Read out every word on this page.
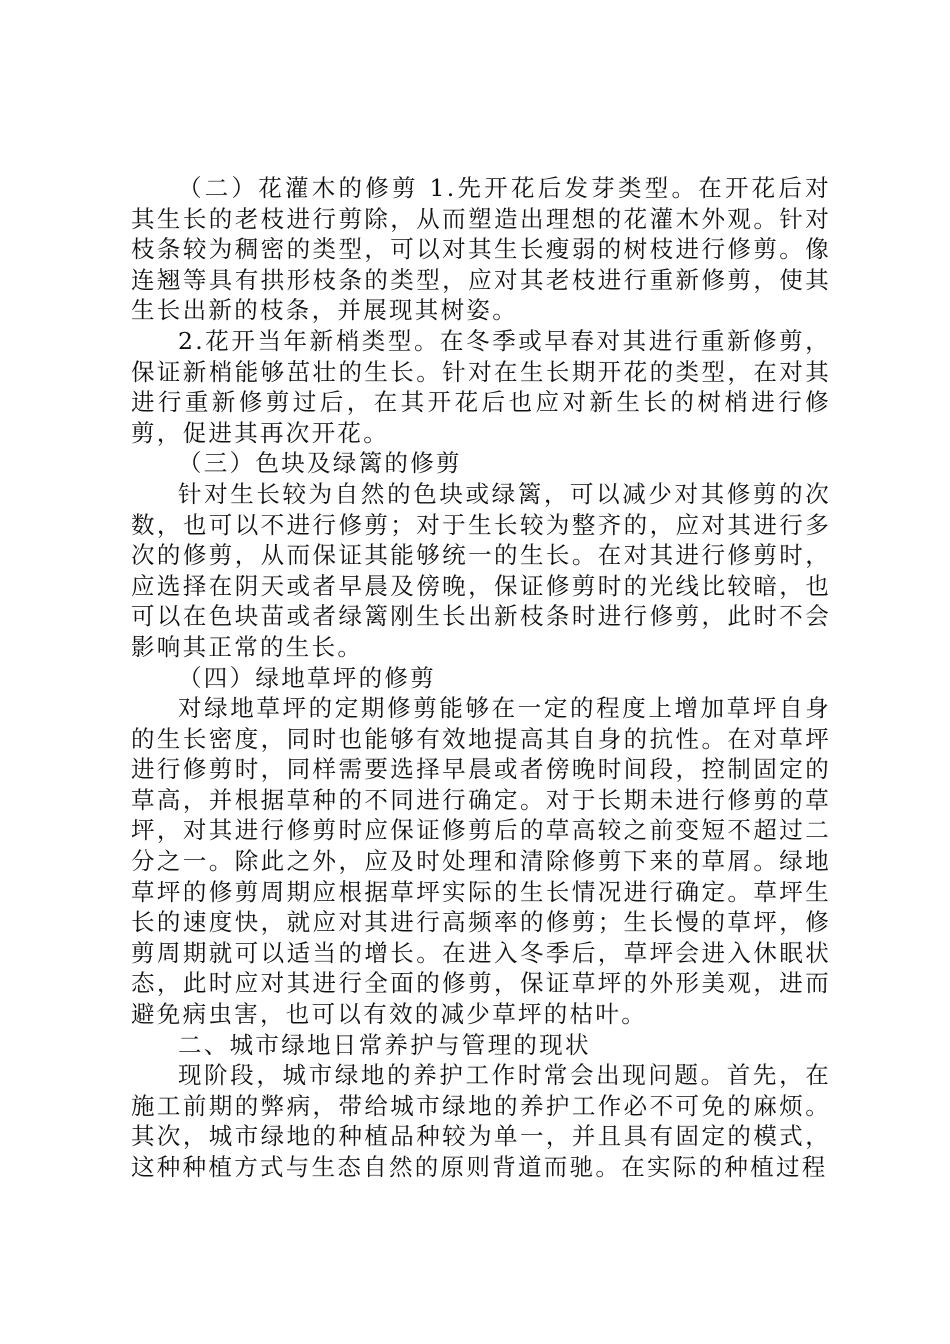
（二）花灌木的修剪 1.先开花后发芽类型。在开花后对其生长的老枝进行剪除，从而塑造出理想的花灌木外观。针对枝条较为稠密的类型，可以对其生长瘦弱的树枝进行修剪。像连翘等具有拱形枝条的类型，应对其老枝进行重新修剪，使其生长出新的枝条，并展现其树姿。

2.花开当年新梢类型。在冬季或早春对其进行重新修剪，保证新梢能够茁壮的生长。针对在生长期开花的类型，在对其进行重新修剪过后，在其开花后也应对新生长的树梢进行修剪，促进其再次开花。

（三）色块及绿篱的修剪

针对生长较为自然的色块或绿篱，可以减少对其修剪的次数，也可以不进行修剪；对于生长较为整齐的，应对其进行多次的修剪，从而保证其能够统一的生长。在对其进行修剪时，应选择在阴天或者早晨及傍晚，保证修剪时的光线比较暗，也可以在色块苗或者绿篱刚生长出新枝条时进行修剪，此时不会影响其正常的生长。

（四）绿地草坪的修剪

对绿地草坪的定期修剪能够在一定的程度上增加草坪自身的生长密度，同时也能够有效地提高其自身的抗性。在对草坪进行修剪时，同样需要选择早晨或者傍晚时间段，控制固定的草高，并根据草种的不同进行确定。对于长期未进行修剪的草坪，对其进行修剪时应保证修剪后的草高较之前变短不超过二分之一。除此之外，应及时处理和清除修剪下来的草屑。绿地草坪的修剪周期应根据草坪实际的生长情况进行确定。草坪生长的速度快，就应对其进行高频率的修剪；生长慢的草坪，修剪周期就可以适当的增长。在进入冬季后，草坪会进入休眠状态，此时应对其进行全面的修剪，保证草坪的外形美观，进而避免病虫害，也可以有效的减少草坪的枯叶。

二、城市绿地日常养护与管理的现状

现阶段，城市绿地的养护工作时常会出现问题。首先，在施工前期的弊病，带给城市绿地的养护工作必不可免的麻烦。其次，城市绿地的种植品种较为单一，并且具有固定的模式，这种种植方式与生态自然的原则背道而驰。在实际的种植过程
